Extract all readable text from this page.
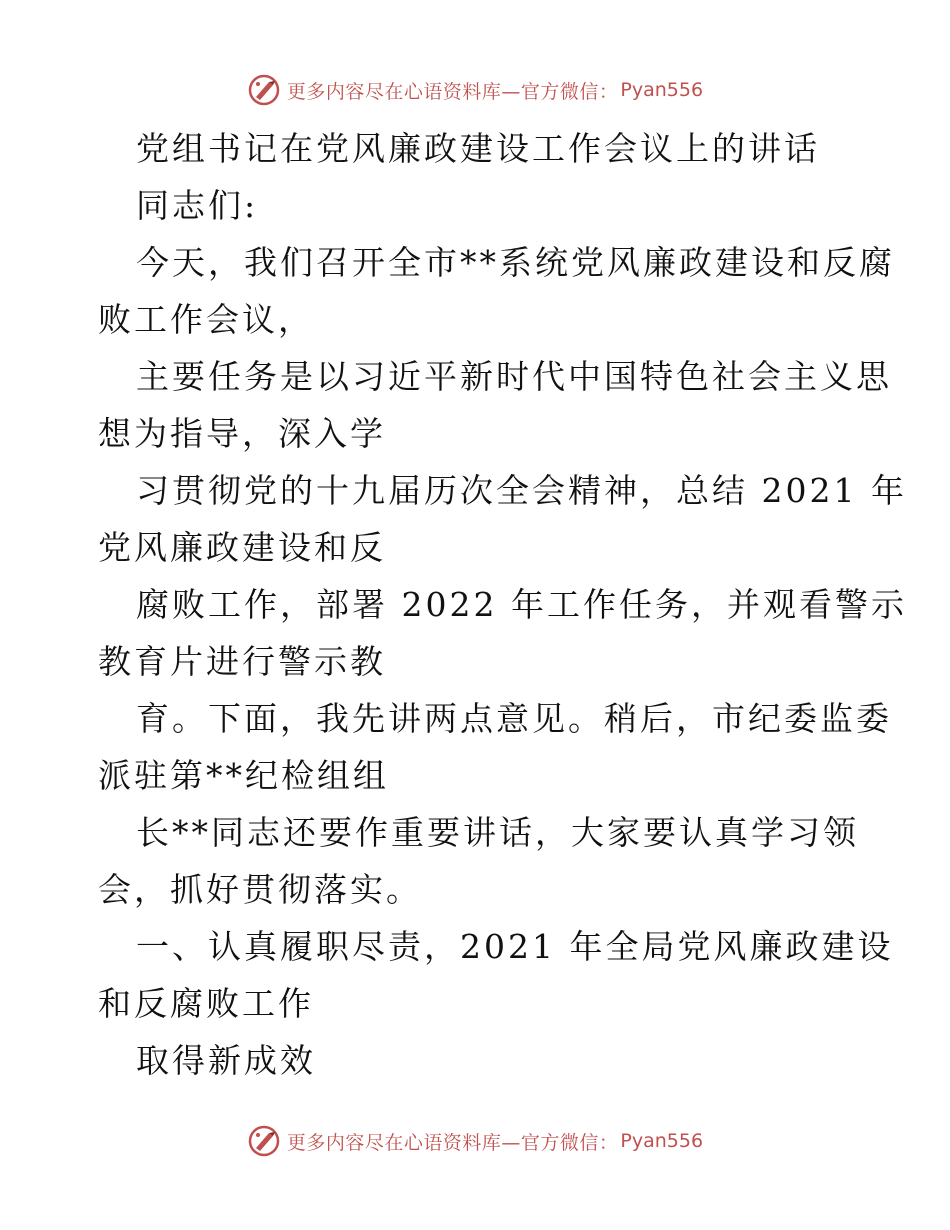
更多内容尽在心语资料库—官方微信： Pyan556
党组书记在党风廉政建设工作会议上的讲话
同志们:
今天，我们召开全市**系统党风廉政建设和反腐
败工作会议，
主要任务是以习近平新时代中国特色社会主义思
想为指导，深入学
习贯彻党的十九届历次全会精神，总结 2021 年
党风廉政建设和反
腐败工作，部署 2022 年工作任务，并观看警示
教育片进行警示教
育。下面，我先讲两点意见。稍后，市纪委监委
派驻第**纪检组组
长**同志还要作重要讲话，大家要认真学习领
会，抓好贯彻落实。
一、认真履职尽责，2021 年全局党风廉政建设
和反腐败工作
取得新成效
更多内容尽在心语资料库—官方微信： Pyan556
